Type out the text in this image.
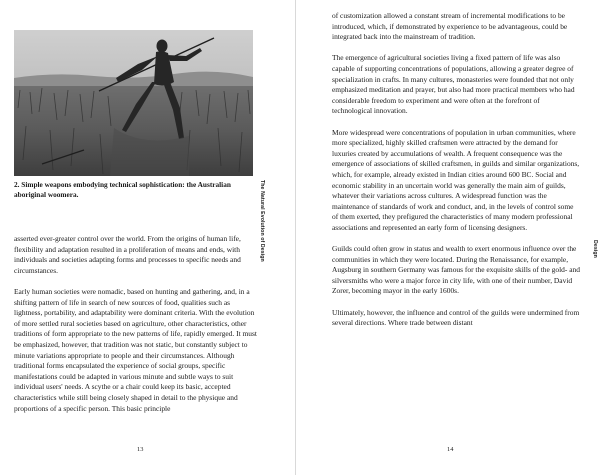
2. Simple weapons embodying technical sophistication: the Australian aboriginal woomera.	The Natural Evolution of Design

asserted ever-greater control over the world. From the origins of human life, flexibility and adaptation resulted in a proliferation of means and ends, with individuals and societies adapting forms and processes to specific needs and circumstances.

Early human societies were nomadic, based on hunting and gathering, and, in a shifting pattern of life in search of new sources of food, qualities such as lightness, portability, and adaptability were dominant criteria. With the evolution of more settled rural societies based on agriculture, other characteristics, other traditions of form appropriate to the new patterns of life, rapidly emerged. It must be emphasized, however, that tradition was not static, but constantly subject to minute variations appropriate to people and their circumstances. Although traditional forms encapsulated the experience of social groups, specific manifestations could be adapted in various minute and subtle ways to suit individual users' needs. A scythe or a chair could keep its basic, accepted characteristics while still being closely shaped in detail to the physique and proportions of a specific person. This basic principle

13
Design

of customization allowed a constant stream of incremental modifications to be introduced, which, if demonstrated by experience to be advantageous, could be integrated back into the mainstream of tradition.

The emergence of agricultural societies living a fixed pattern of life was also capable of supporting concentrations of populations, allowing a greater degree of specialization in crafts. In many cultures, monasteries were founded that not only emphasized meditation and prayer, but also had more practical members who had considerable freedom to experiment and were often at the forefront of technological innovation.

More widespread were concentrations of population in urban communities, where more specialized, highly skilled craftsmen were attracted by the demand for luxuries created by accumulations of wealth. A frequent consequence was the emergence of associations of skilled craftsmen, in guilds and similar organizations, which, for example, already existed in Indian cities around 600 BC. Social and economic stability in an uncertain world was generally the main aim of guilds, whatever their variations across cultures. A widespread function was the maintenance of standards of work and conduct, and, in the levels of control some of them exerted, they prefigured the characteristics of many modern professional associations and represented an early form of licensing designers.

Guilds could often grow in status and wealth to exert enormous influence over the communities in which they were located. During the Renaissance, for example, Augsburg in southern Germany was famous for the exquisite skills of the gold- and silversmiths who were a major force in city life, with one of their number, David Zorer, becoming mayor in the early 1600s.

Ultimately, however, the influence and control of the guilds were undermined from several directions. Where trade between distant

14
